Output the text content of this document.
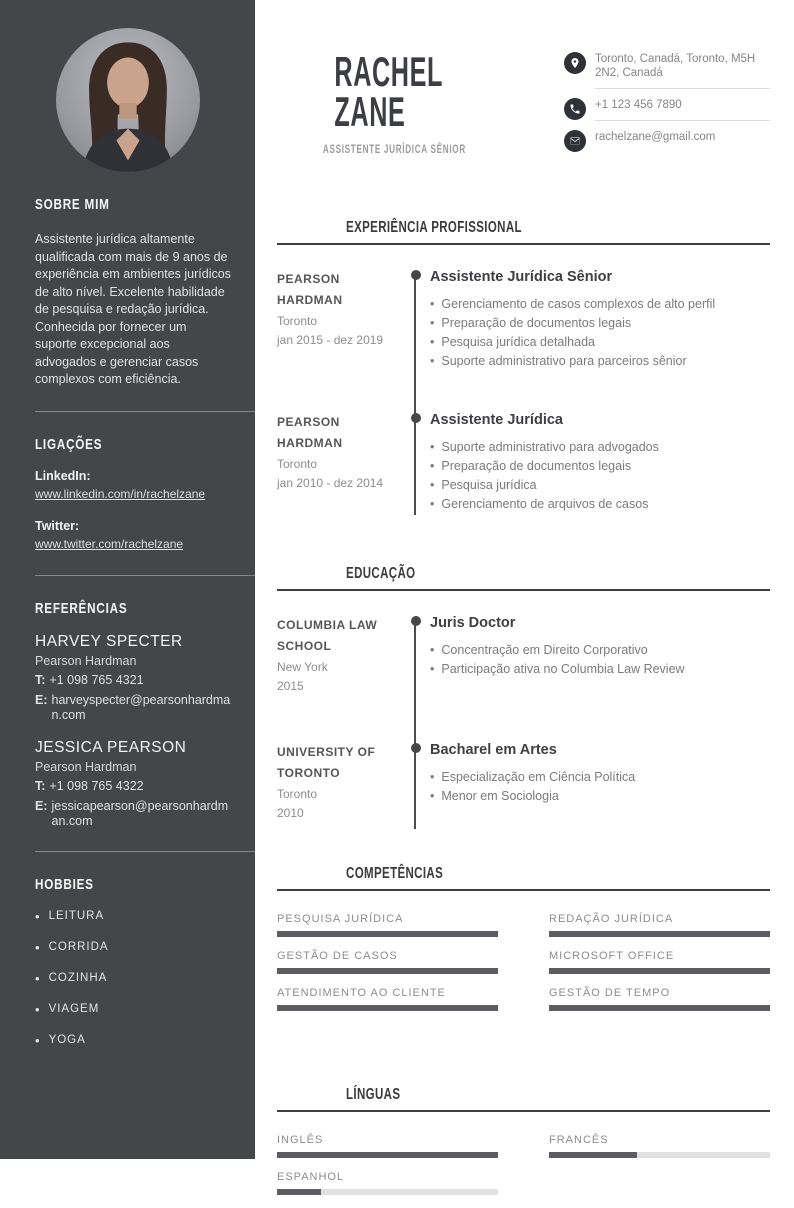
SOBRE MIM

Assistente jurídica altamente qualificada com mais de 9 anos de experiência em ambientes jurídicos de alto nível. Excelente habilidade de pesquisa e redação jurídica. Conhecida por fornecer um suporte excepcional aos advogados e gerenciar casos complexos com eficiência.

LIGAÇÕES
LinkedIn:
www.linkedin.com/in/rachelzane
Twitter:
www.twitter.com/rachelzane
REFERÊNCIAS
HARVEY SPECTER
Pearson Hardman
T: +1 098 765 4321
E: harveyspecter@pearsonhardman.com
JESSICA PEARSON
Pearson Hardman
T: +1 098 765 4322
E: jessicapearson@pearsonhardman.com
HOBBIES
• LEITURA
• CORRIDA
• COZINHA
• VIAGEM
• YOGA
RACHEL
ZANE
ASSISTENTE JURÍDICA SÊNIOR
Toronto, Canadá, Toronto, M5H 2N2, Canadá
+1 123 456 7890
rachelzane@gmail.com
EXPERIÊNCIA PROFISSIONAL
PEARSON HARDMAN
Toronto
jan 2015 - dez 2019
Assistente Jurídica Sênior
• Gerenciamento de casos complexos de alto perfil
• Preparação de documentos legais
• Pesquisa jurídica detalhada
• Suporte administrativo para parceiros sênior
PEARSON HARDMAN
Toronto
jan 2010 - dez 2014
Assistente Jurídica
• Suporte administrativo para advogados
• Preparação de documentos legais
• Pesquisa jurídica
• Gerenciamento de arquivos de casos
EDUCAÇÃO
COLUMBIA LAW SCHOOL
New York
2015
Juris Doctor
• Concentração em Direito Corporativo
• Participação ativa no Columbia Law Review
UNIVERSITY OF TORONTO
Toronto
2010
Bacharel em Artes
• Especialização em Ciência Política
• Menor em Sociologia
COMPETÊNCIAS
PESQUISA JURÍDICA	REDAÇÃO JURÍDICA
GESTÃO DE CASOS	MICROSOFT OFFICE
ATENDIMENTO AO CLIENTE	GESTÃO DE TEMPO
LÍNGUAS
INGLÊS	FRANCÊS
ESPANHOL
